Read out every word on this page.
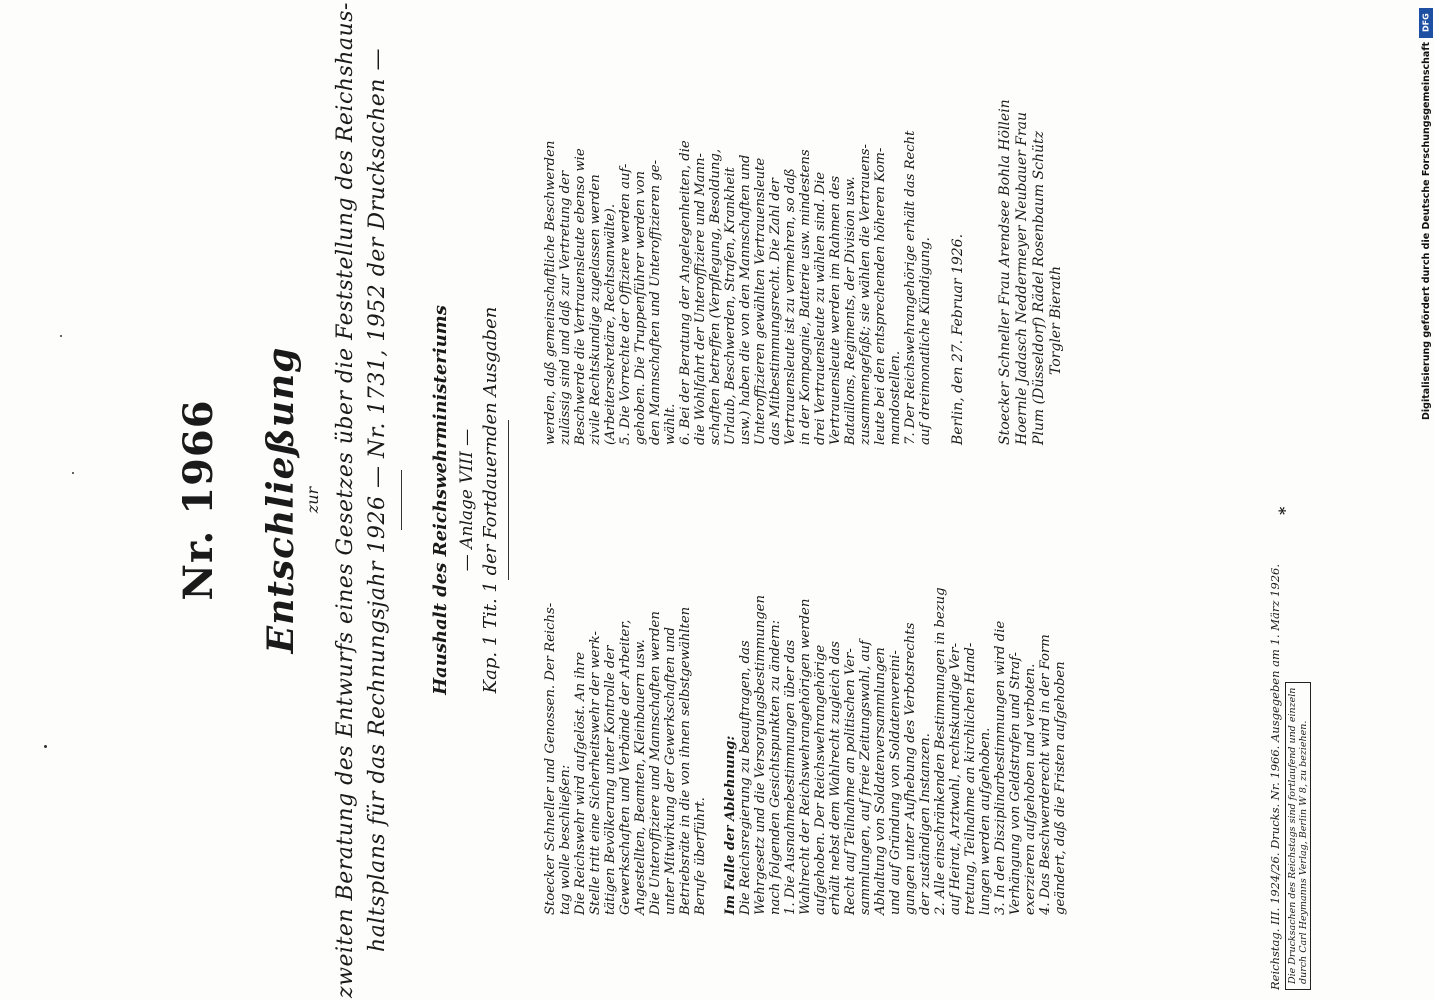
Nr. 1966 Entschließung zur zweiten Beratung des Entwurfs eines Gesetzes über die Feststellung des Reichshaus- haltsplans für das Rechnungsjahr 1926 — Nr. 1731, 1952 der Drucksachen — Haushalt des Reichswehrministeriums — Anlage VIII — Kap. 1 Tit. 1 der Fortdauernden Ausgaben
Stoecker Schneller und Genossen. Der Reichs- tag wolle beschließen: Die Reichswehr wird aufgelöst. An ihre Stelle tritt eine Sicherheitswehr der werk- tätigen Bevölkerung unter Kontrolle der Gewerkschaften und Verbände der Arbeiter, Angestellten, Beamten, Kleinbauern usw. Die Unteroffiziere und Mannschaften werden unter Mitwirkung der Gewerkschaften und Betriebsräte in die von ihnen selbstgewählten Berufe überführt.
Im Falle der Ablehnung: Die Reichsregierung zu beauftragen, das Wehrgesetz und die Versorgungsbestimmungen nach folgenden Gesichtspunkten zu ändern: 1. Die Ausnahmebestimmungen über das Wahlrecht der Reichswehrangehörigen werden aufgehoben. Der Reichswehrangehörige erhält nebst dem Wahlrecht zugleich das Recht auf Teilnahme an politischen Ver- sammlungen, auf freie Zeitungswahl, auf Abhaltung von Soldatenversammlungen und auf Gründung von Soldatenvereini- gungen unter Aufhebung des Verbotsrechts der zuständigen Instanzen. 2. Alle einschränkenden Bestimmungen in bezug auf Heirat, Arztwahl, rechtskundige Ver- tretung, Teilnahme an kirchlichen Hand- lungen werden aufgehoben. 3. In den Disziplinarbestimmungen wird die Verhängung von Geldstrafen und Straf- exerzieren aufgehoben und verboten. 4. Das Beschwerderecht wird in der Form geändert, daß die Fristen aufgehoben
werden, daß gemeinschaftliche Beschwerden zulässig sind und daß zur Vertretung der Beschwerde die Vertrauensleute ebenso wie zivile Rechtskundige zugelassen werden (Arbeitersekretäre, Rechtsanwälte). 5. Die Vorrechte der Offiziere werden auf- gehoben. Die Truppenführer werden von den Mannschaften und Unteroffizieren ge- wählt. 6. Bei der Beratung der Angelegenheiten, die die Wohlfahrt der Unteroffiziere und Mann- schaften betreffen (Verpflegung, Besoldung, Urlaub, Beschwerden, Strafen, Krankheit usw.) haben die von den Mannschaften und Unteroffizieren gewählten Vertrauensleute das Mitbestimmungsrecht. Die Zahl der Vertrauensleute ist zu vermehren, so daß in der Kompagnie, Batterie usw. mindestens drei Vertrauensleute zu wählen sind. Die Vertrauensleute werden im Rahmen des Bataillons, Regiments, der Division usw. zusammengefaßt; sie wählen die Vertrauens- leute bei den entsprechenden höheren Kom- mandostellen. 7. Der Reichswehrangehörige erhält das Recht auf dreimonatliche Kündigung. Berlin, den 27. Februar 1926. Stoecker Schneller Frau Arendsee Bohla Höllein Hoernle Jadasch Neddermeyer Neubauer Frau Plum (Düsseldorf) Rädel Rosenbaum Schütz Torgler Bierath
Reichstag. III. 1924/26. Drucks. Nr. 1966. Ausgegeben am 1. März 1926.
*
Die Drucksachen des Reichstags sind fortlaufend und einzeln durch Carl Heymanns Verlag, Berlin W 8, zu beziehen.
DFG
Digitalisierung gefördert durch die Deutsche Forschungsgemeinschaft
